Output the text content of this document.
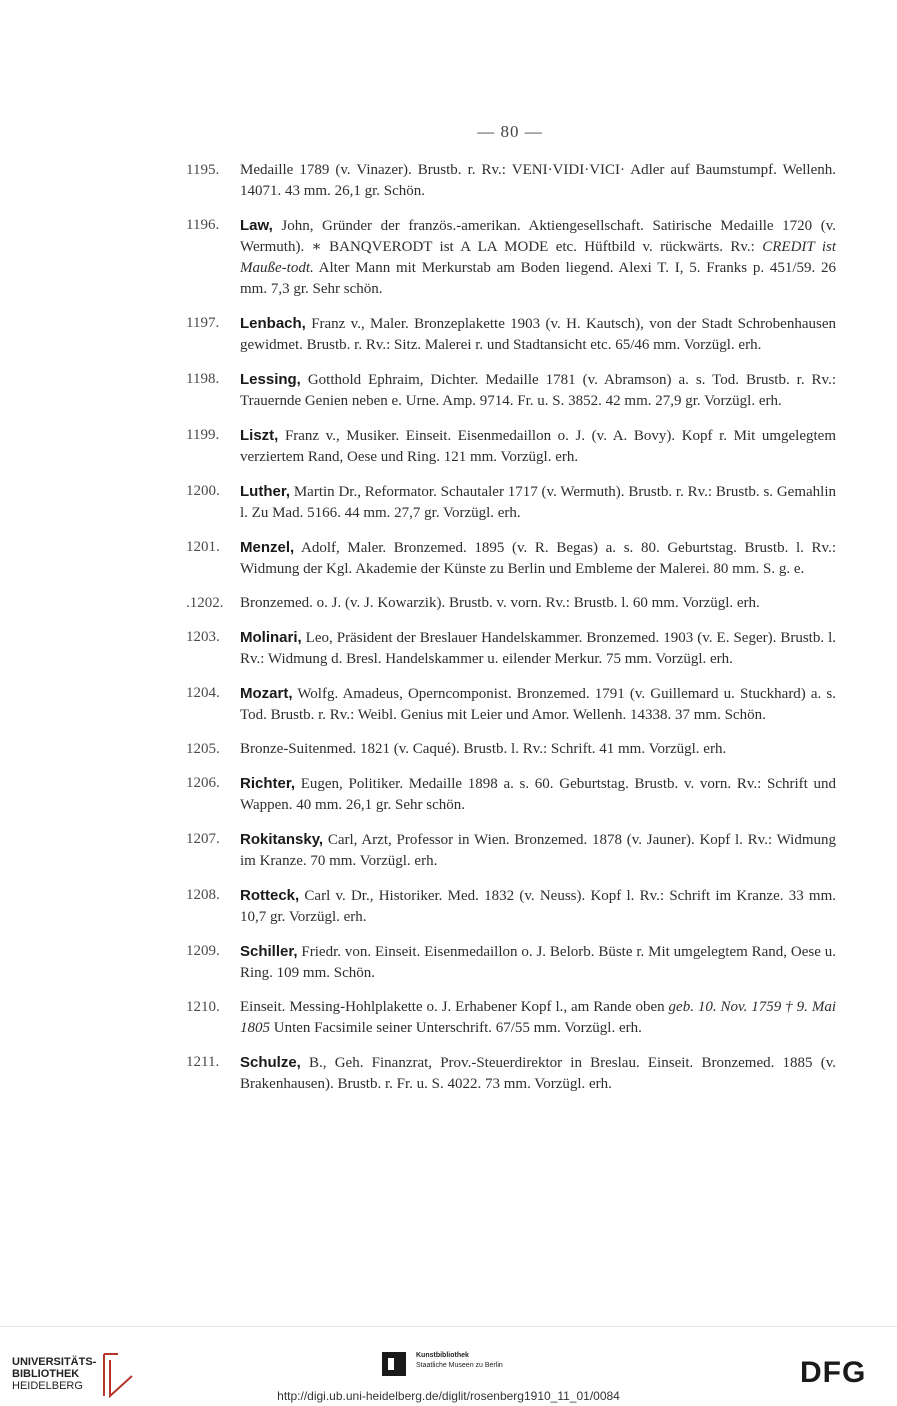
— 80 —
1195.	Medaille 1789 (v. Vinazer). Brustb. r. Rv.: VENI·VIDI·VICI· Adler auf Baumstumpf. Wellenh. 14071. 43 mm. 26,1 gr. Schön.
1196.	Law, John, Gründer der französ.-amerikan. Aktiengesellschaft. Satirische Medaille 1720 (v. Wermuth). ∗ BANQVERODT ist A LA MODE etc. Hüftbild v. rückwärts. Rv.: CREDIT ist Mauße-todt. Alter Mann mit Merkurstab am Boden liegend. Alexi T. I, 5. Franks p. 451/59. 26 mm. 7,3 gr. Sehr schön.
1197.	Lenbach, Franz v., Maler. Bronzeplakette 1903 (v. H. Kautsch), von der Stadt Schrobenhausen gewidmet. Brustb. r. Rv.: Sitz. Malerei r. und Stadtansicht etc. 65/46 mm. Vorzügl. erh.
1198.	Lessing, Gotthold Ephraim, Dichter. Medaille 1781 (v. Abramson) a. s. Tod. Brustb. r. Rv.: Trauernde Genien neben e. Urne. Amp. 9714. Fr. u. S. 3852. 42 mm. 27,9 gr. Vorzügl. erh.
1199.	Liszt, Franz v., Musiker. Einseit. Eisenmedaillon o. J. (v. A. Bovy). Kopf r. Mit umgelegtem verziertem Rand, Oese und Ring. 121 mm. Vorzügl. erh.
1200.	Luther, Martin Dr., Reformator. Schautaler 1717 (v. Wermuth). Brustb. r. Rv.: Brustb. s. Gemahlin l. Zu Mad. 5166. 44 mm. 27,7 gr. Vorzügl. erh.
1201.	Menzel, Adolf, Maler. Bronzemed. 1895 (v. R. Begas) a. s. 80. Geburtstag. Brustb. l. Rv.: Widmung der Kgl. Akademie der Künste zu Berlin und Embleme der Malerei. 80 mm. S. g. e.
.1202.	Bronzemed. o. J. (v. J. Kowarzik). Brustb. v. vorn. Rv.: Brustb. l. 60 mm. Vorzügl. erh.
1203.	Molinari, Leo, Präsident der Breslauer Handelskammer. Bronzemed. 1903 (v. E. Seger). Brustb. l. Rv.: Widmung d. Bresl. Handelskammer u. eilender Merkur. 75 mm. Vorzügl. erh.
1204.	Mozart, Wolfg. Amadeus, Operncomponist. Bronzemed. 1791 (v. Guillemard u. Stuckhard) a. s. Tod. Brustb. r. Rv.: Weibl. Genius mit Leier und Amor. Wellenh. 14338. 37 mm. Schön.
1205.	Bronze-Suitenmed. 1821 (v. Caqué). Brustb. l. Rv.: Schrift. 41 mm. Vorzügl. erh.
1206.	Richter, Eugen, Politiker. Medaille 1898 a. s. 60. Geburtstag. Brustb. v. vorn. Rv.: Schrift und Wappen. 40 mm. 26,1 gr. Sehr schön.
1207.	Rokitansky, Carl, Arzt, Professor in Wien. Bronzemed. 1878 (v. Jauner). Kopf l. Rv.: Widmung im Kranze. 70 mm. Vorzügl. erh.
1208.	Rotteck, Carl v. Dr., Historiker. Med. 1832 (v. Neuss). Kopf l. Rv.: Schrift im Kranze. 33 mm. 10,7 gr. Vorzügl. erh.
1209.	Schiller, Friedr. von. Einseit. Eisenmedaillon o. J. Belorb. Büste r. Mit umgelegtem Rand, Oese u. Ring. 109 mm. Schön.
1210.	Einseit. Messing-Hohlplakette o. J. Erhabener Kopf l., am Rande oben geb. 10. Nov. 1759 † 9. Mai 1805 Unten Facsimile seiner Unterschrift. 67/55 mm. Vorzügl. erh.
1211.	Schulze, B., Geh. Finanzrat, Prov.-Steuerdirektor in Breslau. Einseit. Bronzemed. 1885 (v. Brakenhausen). Brustb. r. Fr. u. S. 4022. 73 mm. Vorzügl. erh.
UNIVERSITÄTS-
BIBLIOTHEK
HEIDELBERG
Kunstbibliothek
Staatliche Museen zu Berlin	DFG
http://digi.ub.uni-heidelberg.de/diglit/rosenberg1910_11_01/0084
